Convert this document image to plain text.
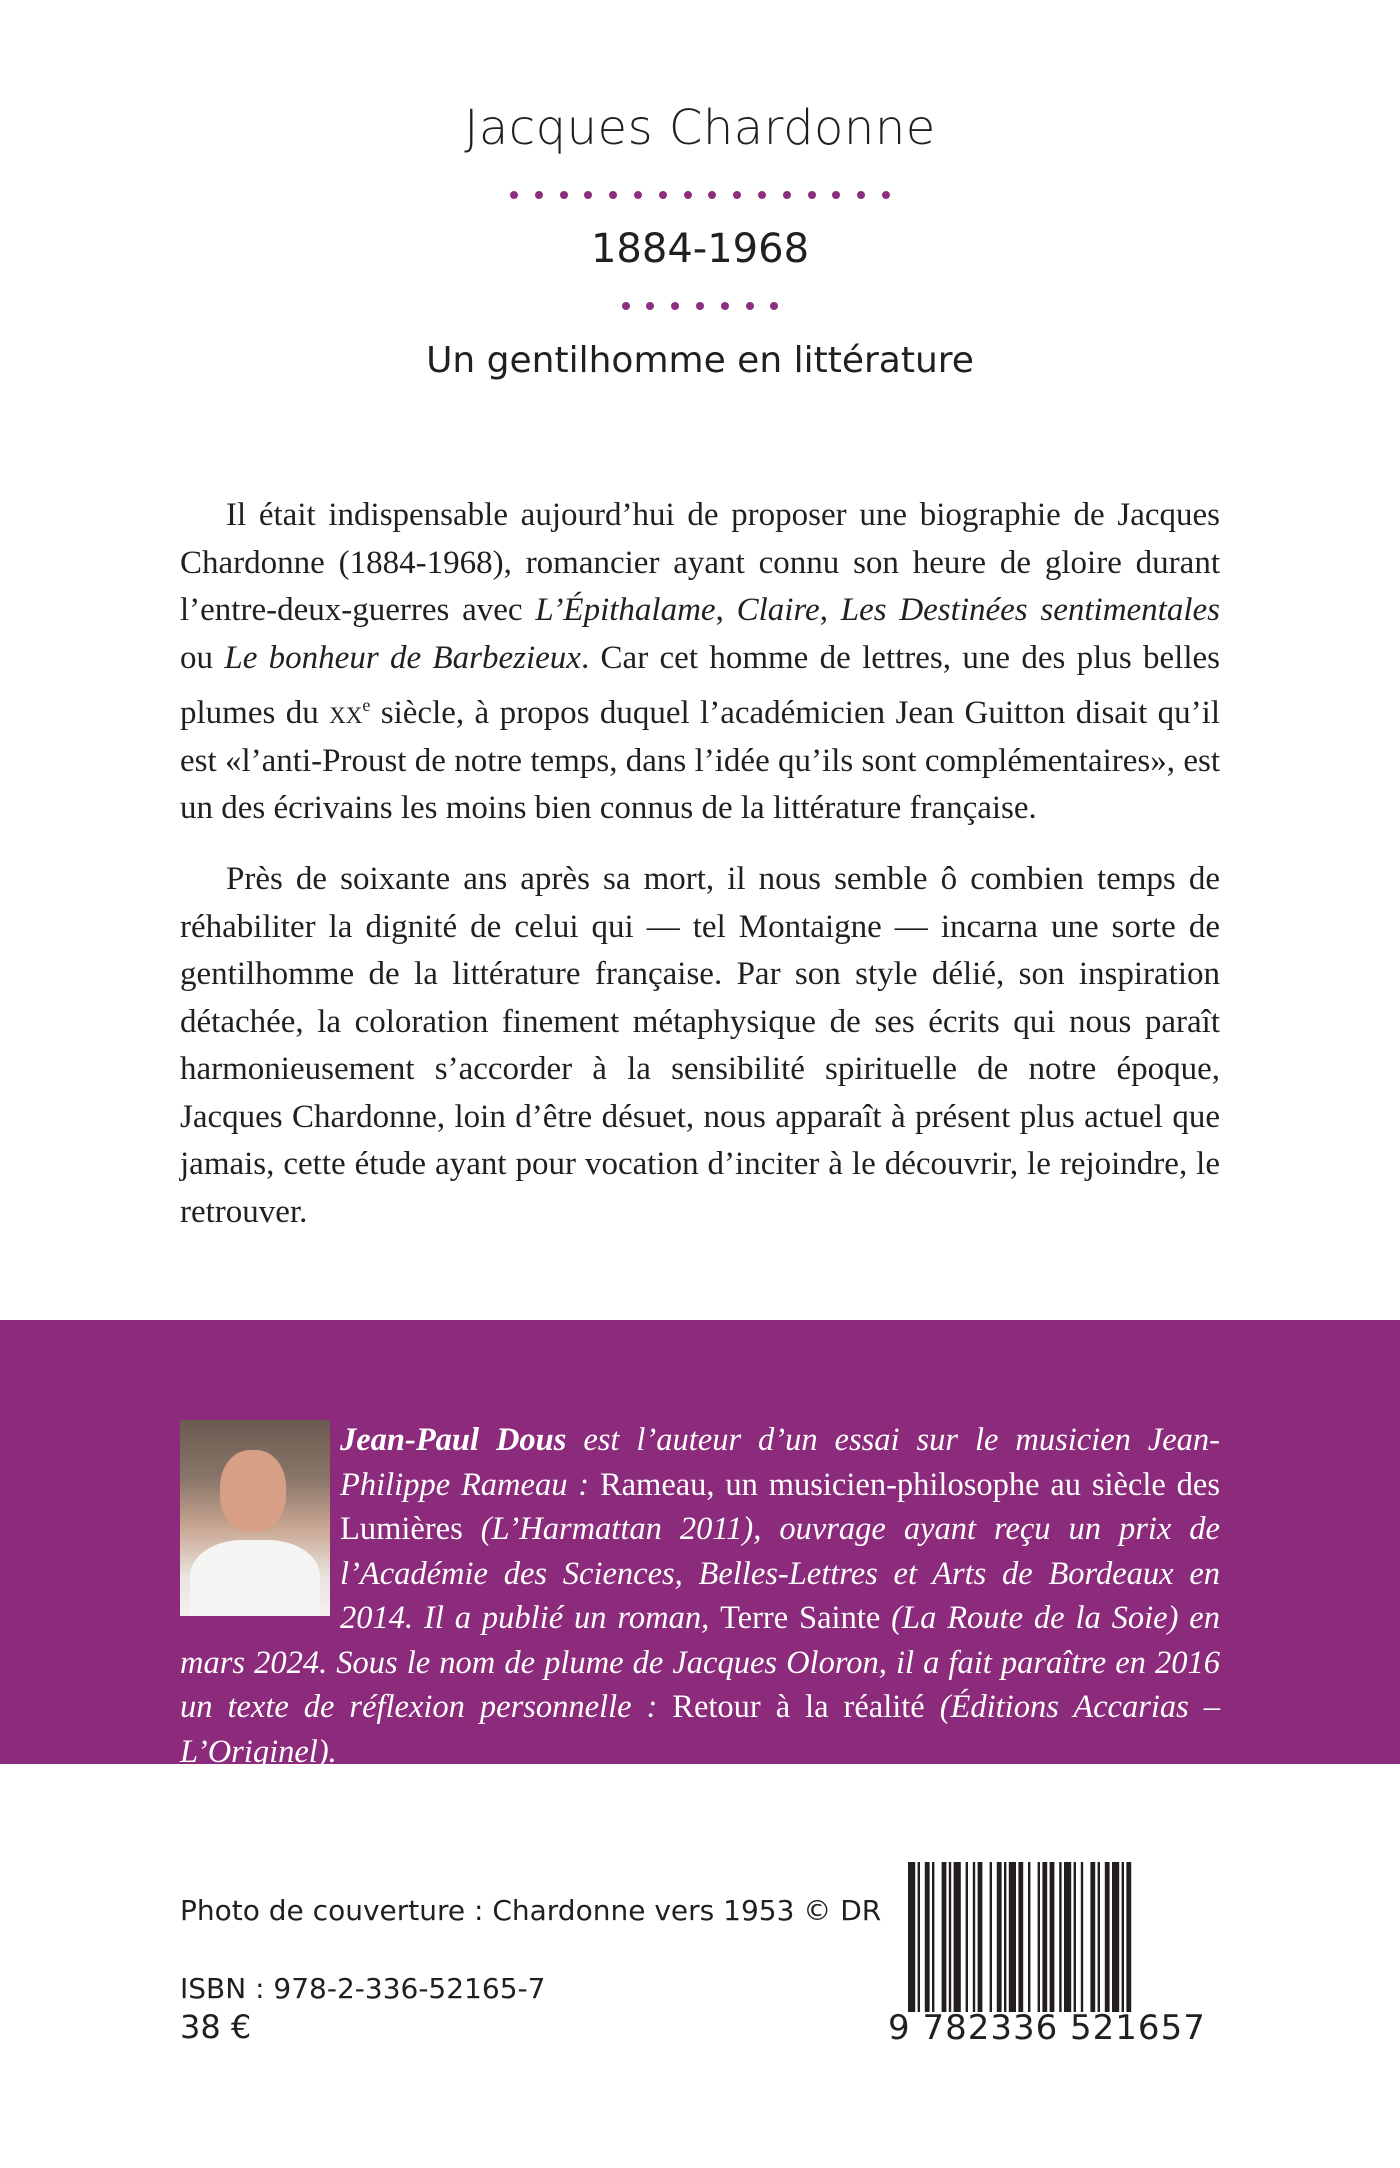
Jacques Chardonne
1884-1968
Un gentilhomme en littérature

Il était indispensable aujourd’hui de proposer une biographie de Jacques Chardonne (1884-1968), romancier ayant connu son heure de gloire durant l’entre-deux-guerres avec L’Épithalame, Claire, Les Destinées sentimentales ou Le bonheur de Barbezieux. Car cet homme de lettres, une des plus belles plumes du $xx^e$ siècle, à propos duquel l’académicien Jean Guitton disait qu’il est «l’anti-Proust de notre temps, dans l’idée qu’ils sont complémentaires», est un des écrivains les moins bien connus de la littérature française.

Près de soixante ans après sa mort, il nous semble ô combien temps de réhabiliter la dignité de celui qui — tel Montaigne — incarna une sorte de gentilhomme de la littérature française. Par son style délié, son inspiration détachée, la coloration finement métaphysique de ses écrits qui nous paraît harmonieusement s’accorder à la sensibilité spirituelle de notre époque, Jacques Chardonne, loin d’être désuet, nous apparaît à présent plus actuel que jamais, cette étude ayant pour vocation d’inciter à le découvrir, le rejoindre, le retrouver.

Jean-Paul Dous est l’auteur d’un essai sur le musicien Jean-Philippe Rameau : Rameau, un musicien-philosophe au siècle des Lumières (L’Harmattan 2011), ouvrage ayant reçu un prix de l’Académie des Sciences, Belles-Lettres et Arts de Bordeaux en 2014. Il a publié un roman, Terre Sainte (La Route de la Soie) en mars 2024. Sous le nom de plume de Jacques Oloron, il a fait paraître en 2016 un texte de réflexion personnelle : Retour à la réalité (Éditions Accarias – L’Originel).
Photo de couverture : Chardonne vers 1953 © DR
ISBN : 978-2-336-52165-7
38 €	9 782336 521657
